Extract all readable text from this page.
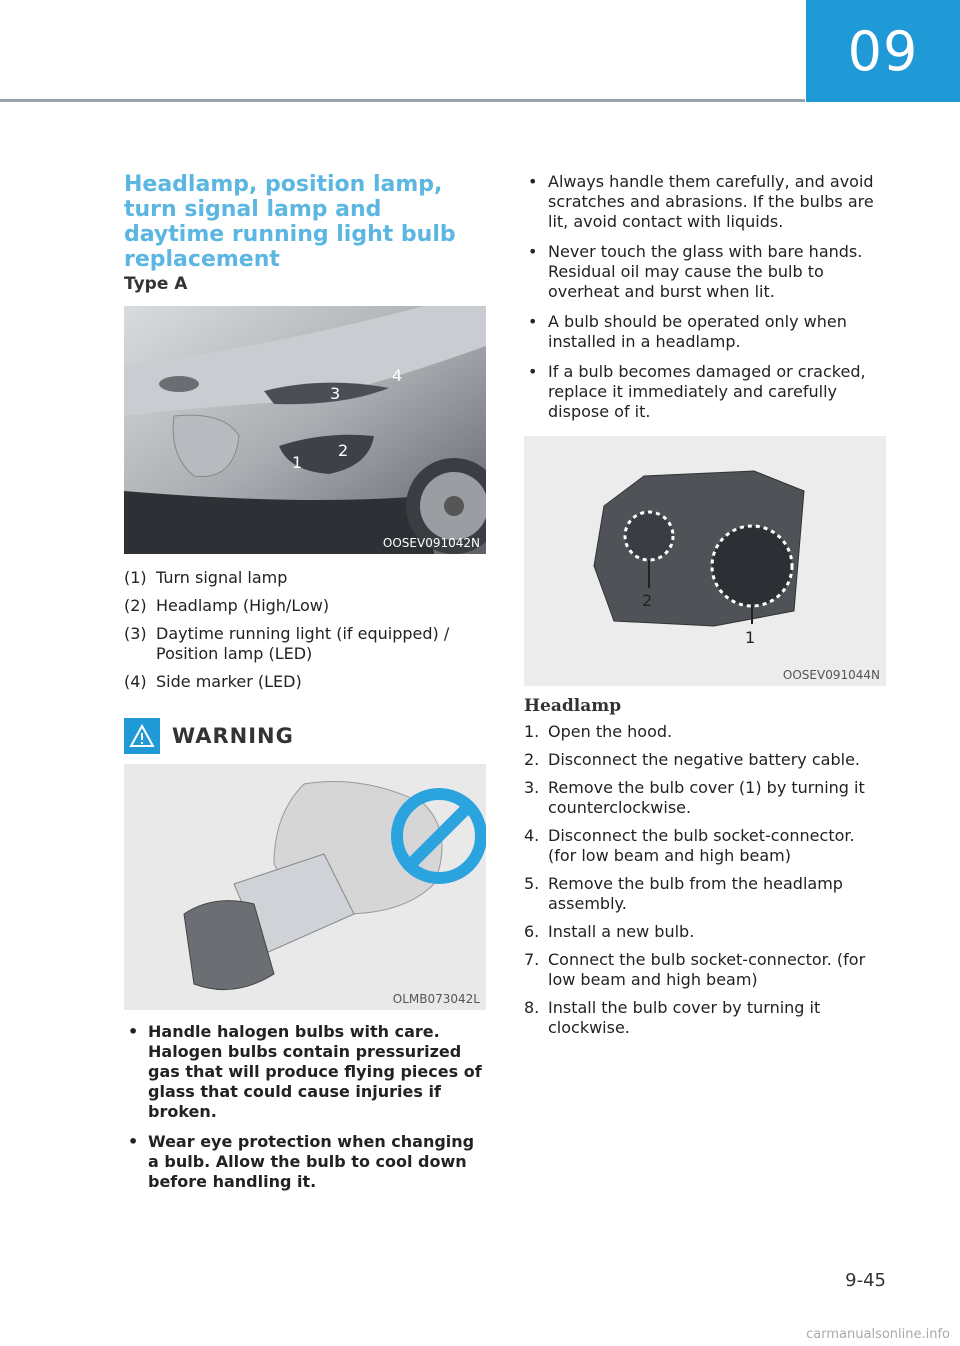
09
Headlamp, position lamp, turn signal lamp and daytime running light bulb replacement
Type A
3
4
1
2
OOSEV091042N
(1) Turn signal lamp
(2) Headlamp (High/Low)
(3) Daytime running light (if equipped) / Position lamp (LED)
(4) Side marker (LED)
WARNING
OLMB073042L
• Handle halogen bulbs with care. Halogen bulbs contain pressurized gas that will produce flying pieces of glass that could cause injuries if broken.
• Wear eye protection when changing a bulb. Allow the bulb to cool down before handling it.
• Always handle them carefully, and avoid scratches and abrasions. If the bulbs are lit, avoid contact with liquids.
• Never touch the glass with bare hands. Residual oil may cause the bulb to overheat and burst when lit.
• A bulb should be operated only when installed in a headlamp.
• If a bulb becomes damaged or cracked, replace it immediately and carefully dispose of it.
2
1
OOSEV091044N
Headlamp
1. Open the hood.
2. Disconnect the negative battery cable.
3. Remove the bulb cover (1) by turning it counterclockwise.
4. Disconnect the bulb socket-connector. (for low beam and high beam)
5. Remove the bulb from the headlamp assembly.
6. Install a new bulb.
7. Connect the bulb socket-connector. (for low beam and high beam)
8. Install the bulb cover by turning it clockwise.
9-45
carmanualsonline.info
